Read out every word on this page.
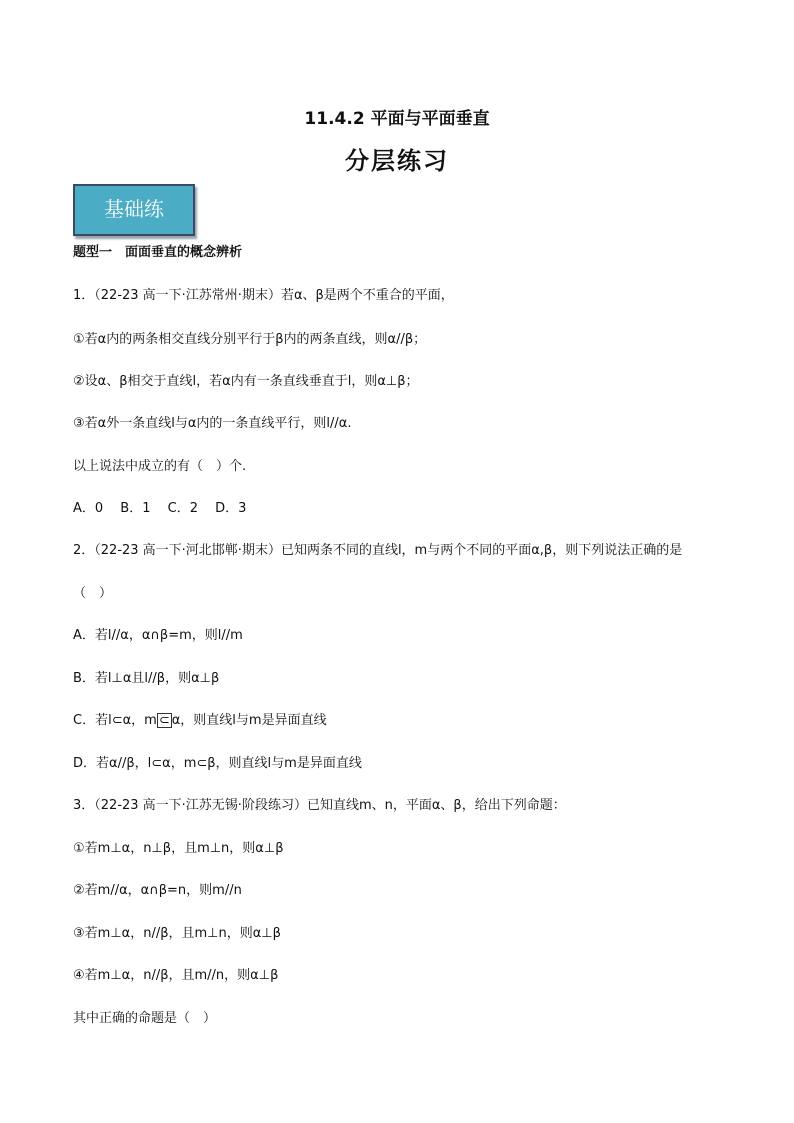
11.4.2 平面与平面垂直
分层练习
基础练
题型一　面面垂直的概念辨析
1．（22-23 高一下·江苏常州·期末）若α、β是两个不重合的平面，
①若α内的两条相交直线分别平行于β内的两条直线，则α//β；
②设α、β相交于直线l，若α内有一条直线垂直于l，则α⊥β；
③若α外一条直线l与α内的一条直线平行，则l//α.
以上说法中成立的有（　）个.
A．0　 B．1　 C．2　 D．3
2．（22-23 高一下·河北邯郸·期末）已知两条不同的直线l，m与两个不同的平面α,β，则下列说法正确的是
（　）
A．若l//α，α∩β=m，则l//m
B．若l⊥α且l//β，则α⊥β
C．若l⊂α，m ⊂ α，则直线l与m是异面直线
D．若α//β，l⊂α，m⊂β，则直线l与m是异面直线
3．（22-23 高一下·江苏无锡·阶段练习）已知直线m、n，平面α、β，给出下列命题：
①若m⊥α，n⊥β，且m⊥n，则α⊥β
②若m//α，α∩β=n，则m//n
③若m⊥α，n//β，且m⊥n，则α⊥β
④若m⊥α，n//β，且m//n，则α⊥β
其中正确的命题是（　）
